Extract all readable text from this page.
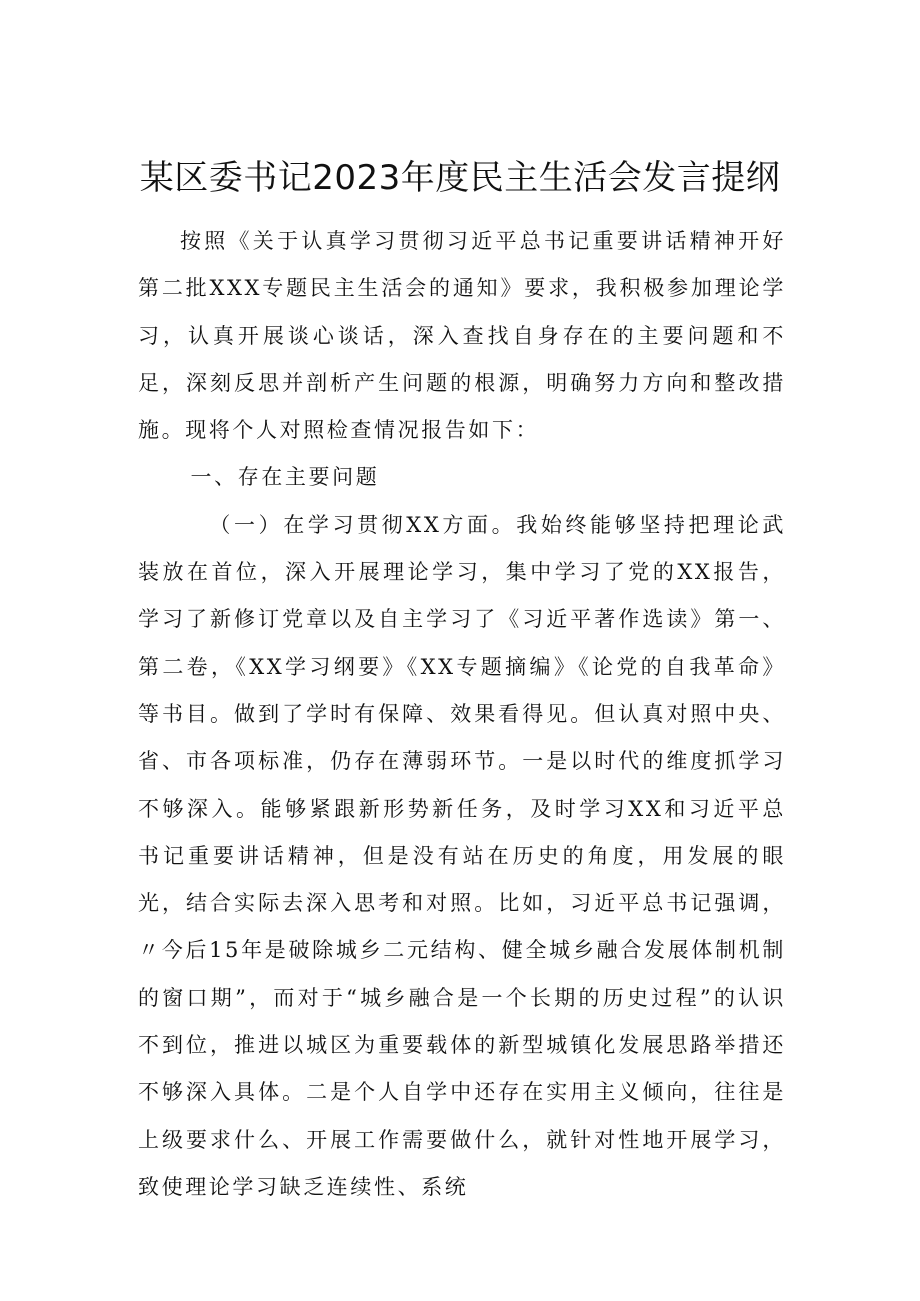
某区委书记2023年度民主生活会发言提纲

按照《关于认真学习贯彻习近平总书记重要讲话精神开好第二批XXX专题民主生活会的通知》要求，我积极参加理论学习，认真开展谈心谈话，深入查找自身存在的主要问题和不足，深刻反思并剖析产生问题的根源，明确努力方向和整改措施。现将个人对照检查情况报告如下：

一、存在主要问题

（一）在学习贯彻XX方面。我始终能够坚持把理论武装放在首位，深入开展理论学习，集中学习了党的XX报告，学习了新修订党章以及自主学习了《习近平著作选读》第一、第二卷，《XX学习纲要》《XX专题摘编》《论党的自我革命》等书目。做到了学时有保障、效果看得见。但认真对照中央、省、市各项标准，仍存在薄弱环节。一是以时代的维度抓学习不够深入。能够紧跟新形势新任务，及时学习XX和习近平总书记重要讲话精神，但是没有站在历史的角度，用发展的眼光，结合实际去深入思考和对照。比如，习近平总书记强调，〃今后15年是破除城乡二元结构、健全城乡融合发展体制机制的窗口期”，而对于“城乡融合是一个长期的历史过程”的认识不到位，推进以城区为重要载体的新型城镇化发展思路举措还不够深入具体。二是个人自学中还存在实用主义倾向，往往是上级要求什么、开展工作需要做什么，就针对性地开展学习，致使理论学习缺乏连续性、系统
